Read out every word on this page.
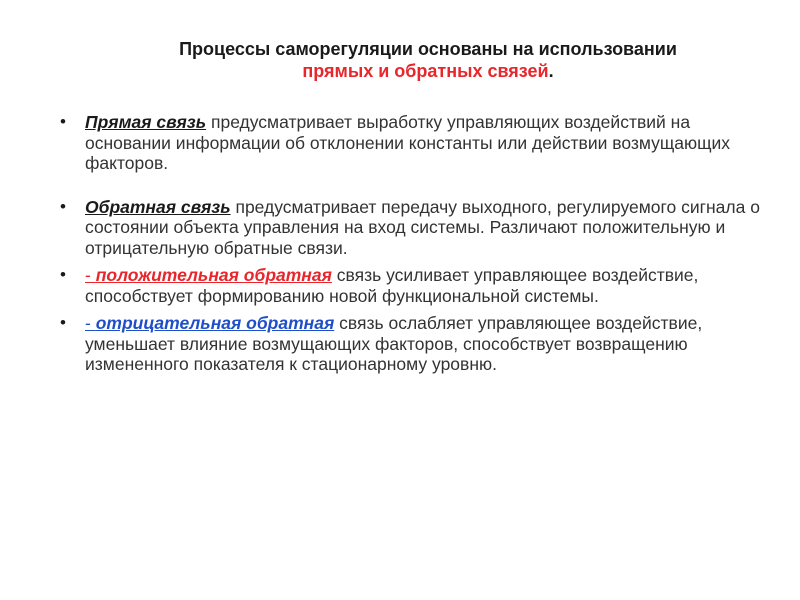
Процессы саморегуляции основаны на использовании
прямых и обратных связей.
• Прямая связь предусматривает выработку управляющих воздействий на основании информации об отклонении константы или действии возмущающих факторов.
• Обратная связь предусматривает передачу выходного, регулируемого сигнала о состоянии объекта управления на вход системы. Различают положительную и отрицательную обратные связи.
• - положительная обратная связь усиливает управляющее воздействие, способствует формированию новой функциональной системы.
• - отрицательная обратная связь ослабляет управляющее воздействие, уменьшает влияние возмущающих факторов, способствует возвращению измененного показателя к стационарному уровню.
